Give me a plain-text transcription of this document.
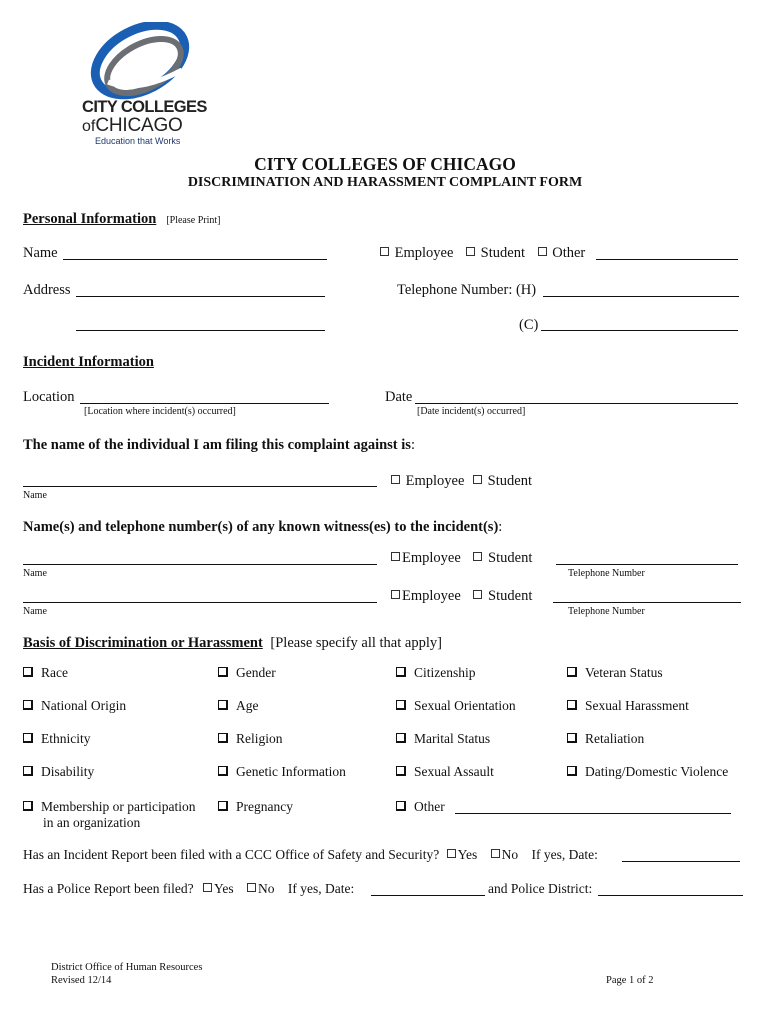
CITY COLLEGES
ofCHICAGO
Education that Works
CITY COLLEGES OF CHICAGO
DISCRIMINATION AND HARASSMENT COMPLAINT FORM
Personal Information [Please Print]
Name	Employee Student Other
Address	Telephone Number: (H)
(C)
Incident Information
Location
[Location where incident(s) occurred]
Date
[Date incident(s) occurred]
The name of the individual I am filing this complaint against is:
Name
Employee Student
Name(s) and telephone number(s) of any known witness(es) to the incident(s):
Name
Employee Student
Telephone Number
Name
Employee Student
Telephone Number
Basis of Discrimination or Harassment [Please specify all that apply]
Race	Gender	Citizenship	Veteran Status
National Origin	Age	Sexual Orientation	Sexual Harassment
Ethnicity	Religion	Marital Status	Retaliation
Disability	Genetic Information	Sexual Assault	Dating/Domestic Violence
Membership or participation
in an organization
Pregnancy	Other
Has an Incident Report been filed with a CCC Office of Safety and Security? Yes No If yes, Date:
Has a Police Report been filed? Yes No If yes, Date:	and Police District:
District Office of Human Resources
Revised 12/14	Page 1 of 2
